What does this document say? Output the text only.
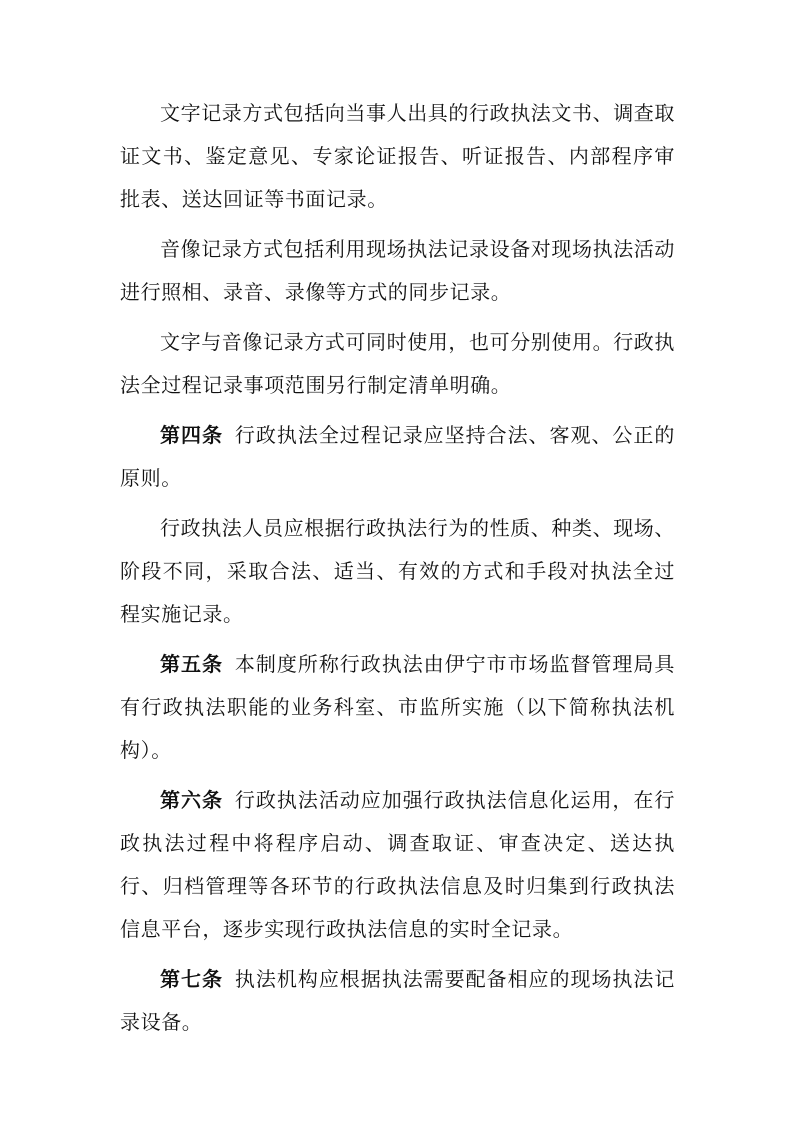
文字记录方式包括向当事人出具的行政执法文书、调查取证文书、鉴定意见、专家论证报告、听证报告、内部程序审批表、送达回证等书面记录。

音像记录方式包括利用现场执法记录设备对现场执法活动进行照相、录音、录像等方式的同步记录。

文字与音像记录方式可同时使用，也可分别使用。行政执法全过程记录事项范围另行制定清单明确。

第四条 行政执法全过程记录应坚持合法、客观、公正的原则。

行政执法人员应根据行政执法行为的性质、种类、现场、阶段不同，采取合法、适当、有效的方式和手段对执法全过程实施记录。

第五条 本制度所称行政执法由伊宁市市场监督管理局具有行政执法职能的业务科室、市监所实施（以下简称执法机构）。

第六条 行政执法活动应加强行政执法信息化运用，在行政执法过程中将程序启动、调查取证、审查决定、送达执行、归档管理等各环节的行政执法信息及时归集到行政执法信息平台，逐步实现行政执法信息的实时全记录。

第七条 执法机构应根据执法需要配备相应的现场执法记录设备。
